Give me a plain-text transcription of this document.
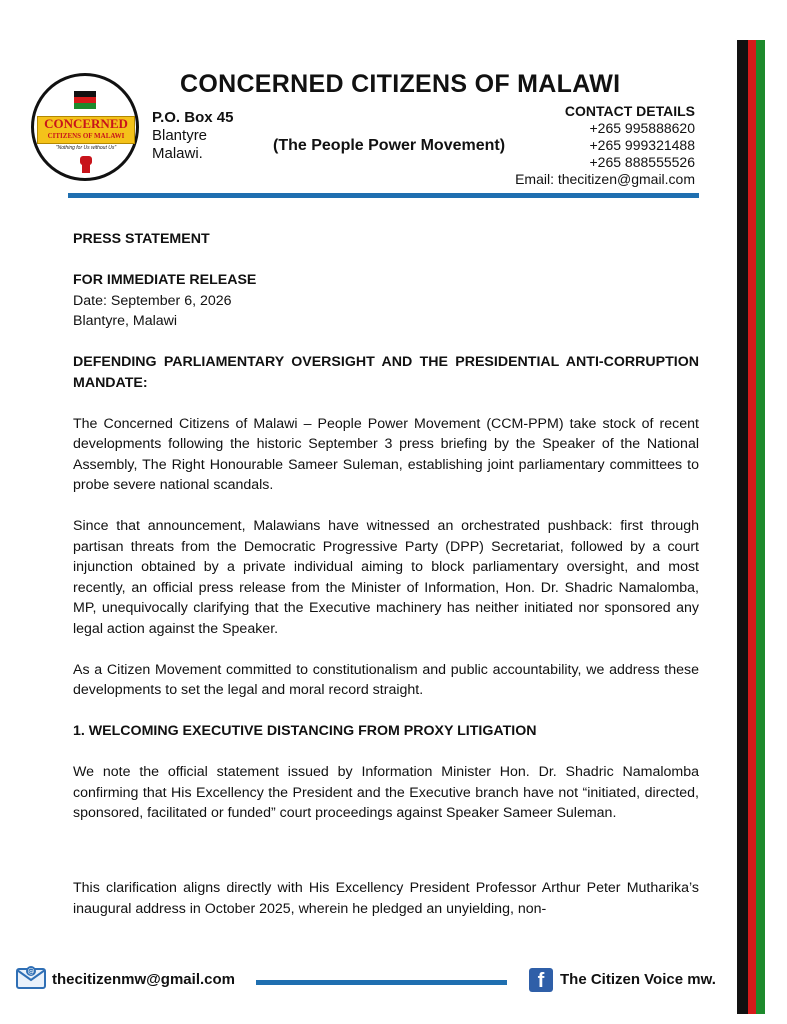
CONCERNED
CITIZENS OF MALAWI
"Nothing for Us without Us"
CONCERNED CITIZENS OF MALAWI
P.O. Box 45
Blantyre
Malawi.	(The People Power Movement)
CONTACT DETAILS
+265 995888620
+265 999321488
+265 888555526
Email: thecitizen@gmail.com

PRESS STATEMENT

FOR IMMEDIATE RELEASE
Date: September 6, 2026

Blantyre, Malawi

DEFENDING PARLIAMENTARY OVERSIGHT AND THE PRESIDENTIAL ANTI-CORRUPTION MANDATE:

The Concerned Citizens of Malawi – People Power Movement (CCM-PPM) take stock of recent developments following the historic September 3 press briefing by the Speaker of the National Assembly, The Right Honourable Sameer Suleman, establishing joint parliamentary committees to probe severe national scandals.

Since that announcement, Malawians have witnessed an orchestrated pushback: first through partisan threats from the Democratic Progressive Party (DPP) Secretariat, followed by a court injunction obtained by a private individual aiming to block parliamentary oversight, and most recently, an official press release from the Minister of Information, Hon. Dr. Shadric Namalomba, MP, unequivocally clarifying that the Executive machinery has neither initiated nor sponsored any legal action against the Speaker.

As a Citizen Movement committed to constitutionalism and public accountability, we address these developments to set the legal and moral record straight.

1. WELCOMING EXECUTIVE DISTANCING FROM PROXY LITIGATION

We note the official statement issued by Information Minister Hon. Dr. Shadric Namalomba confirming that His Excellency the President and the Executive branch have not “initiated, directed, sponsored, facilitated or funded” court proceedings against Speaker Sameer Suleman.

This clarification aligns directly with His Excellency President Professor Arthur Peter Mutharika’s inaugural address in October 2025, wherein he pledged an unyielding, non-
@ thecitizenmw@gmail.com	f	The Citizen Voice mw.
